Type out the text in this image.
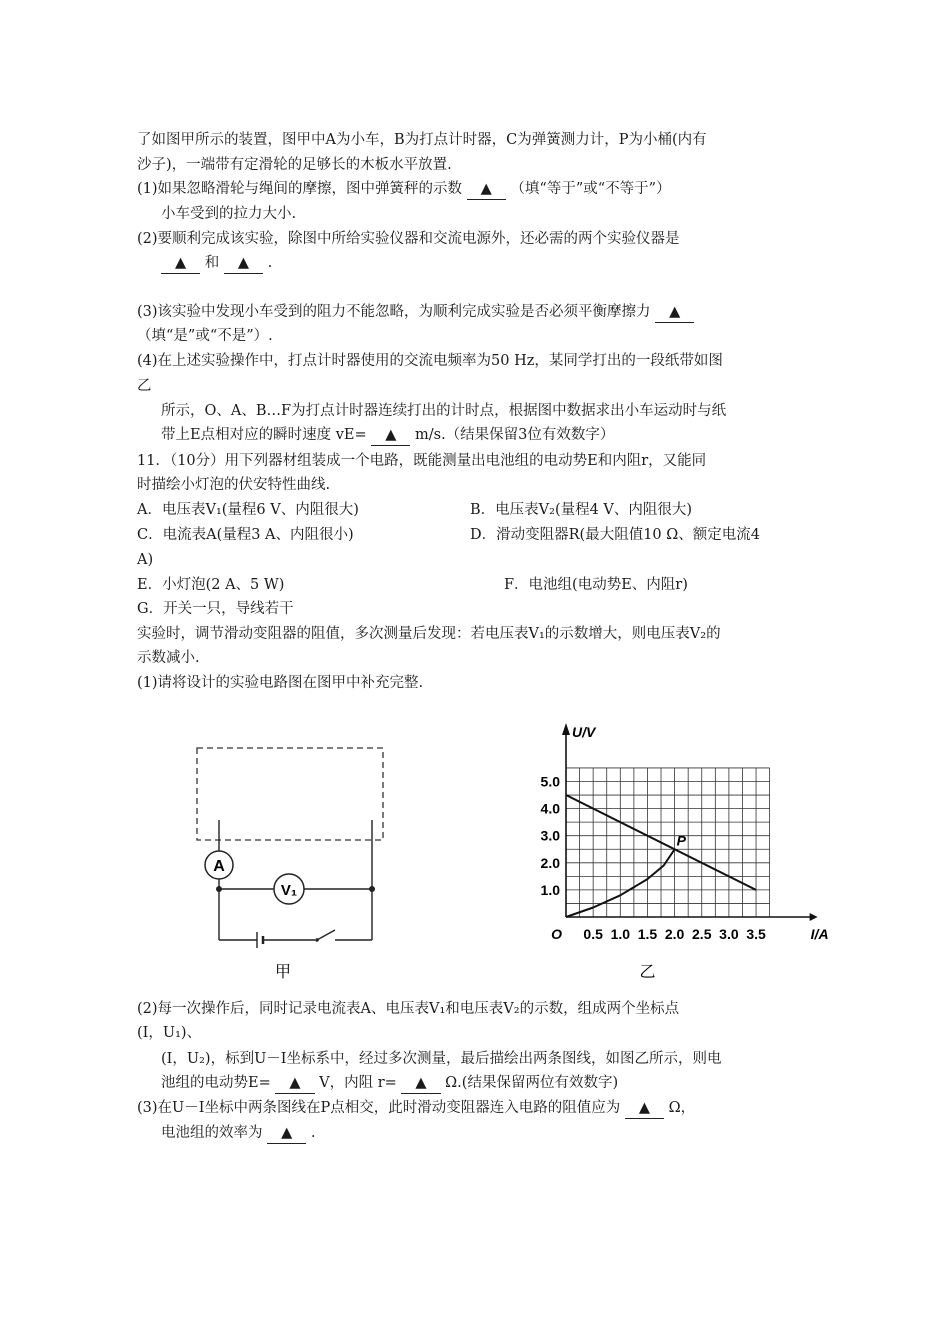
了如图甲所示的装置，图甲中A为小车，B为打点计时器，C为弹簧测力计，P为小桶(内有
沙子)，一端带有定滑轮的足够长的木板水平放置.
(1)如果忽略滑轮与绳间的摩擦，图中弹簧秤的示数 ▲ （填“等于”或“不等于”）
小车受到的拉力大小.
(2)要顺利完成该实验，除图中所给实验仪器和交流电源外，还必需的两个实验仪器是
▲ 和 ▲ .
(3)该实验中发现小车受到的阻力不能忽略，为顺利完成实验是否必须平衡摩擦力 ▲
（填“是”或“不是”）.
(4)在上述实验操作中，打点计时器使用的交流电频率为50 Hz，某同学打出的一段纸带如图
乙
所示，O、A、B…F为打点计时器连续打出的计时点，根据图中数据求出小车运动时与纸
带上E点相对应的瞬时速度 vE= ▲ m/s.（结果保留3位有效数字）
11．（10分）用下列器材组装成一个电路，既能测量出电池组的电动势E和内阻r，又能同
时描绘小灯泡的伏安特性曲线.
A．电压表V₁(量程6 V、内阻很大)	B．电压表V₂(量程4 V、内阻很大)
C．电流表A(量程3 A、内阻很小)	D．滑动变阻器R(最大阻值10 Ω、额定电流4
A)
E．小灯泡(2 A、5 W)	F．电池组(电动势E、内阻r)
G．开关一只，导线若干
实验时，调节滑动变阻器的阻值，多次测量后发现：若电压表V₁的示数增大，则电压表V₂的
示数减小.
(1)请将设计的实验电路图在图甲中补充完整.
A
V₁
甲
0.5 1.0 1.5 2.0 2.5 3.0 3.5
1.0
2.0
3.0
4.0
5.0
U/V
I/A
O
P
乙
(2)每一次操作后，同时记录电流表A、电压表V₁和电压表V₂的示数，组成两个坐标点
(I，U₁)、
(I，U₂)，标到U－I坐标系中，经过多次测量，最后描绘出两条图线，如图乙所示，则电
池组的电动势E= ▲ V，内阻 r= ▲ Ω.(结果保留两位有效数字)
(3)在U－I坐标中两条图线在P点相交，此时滑动变阻器连入电路的阻值应为 ▲ Ω，
电池组的效率为 ▲ .
